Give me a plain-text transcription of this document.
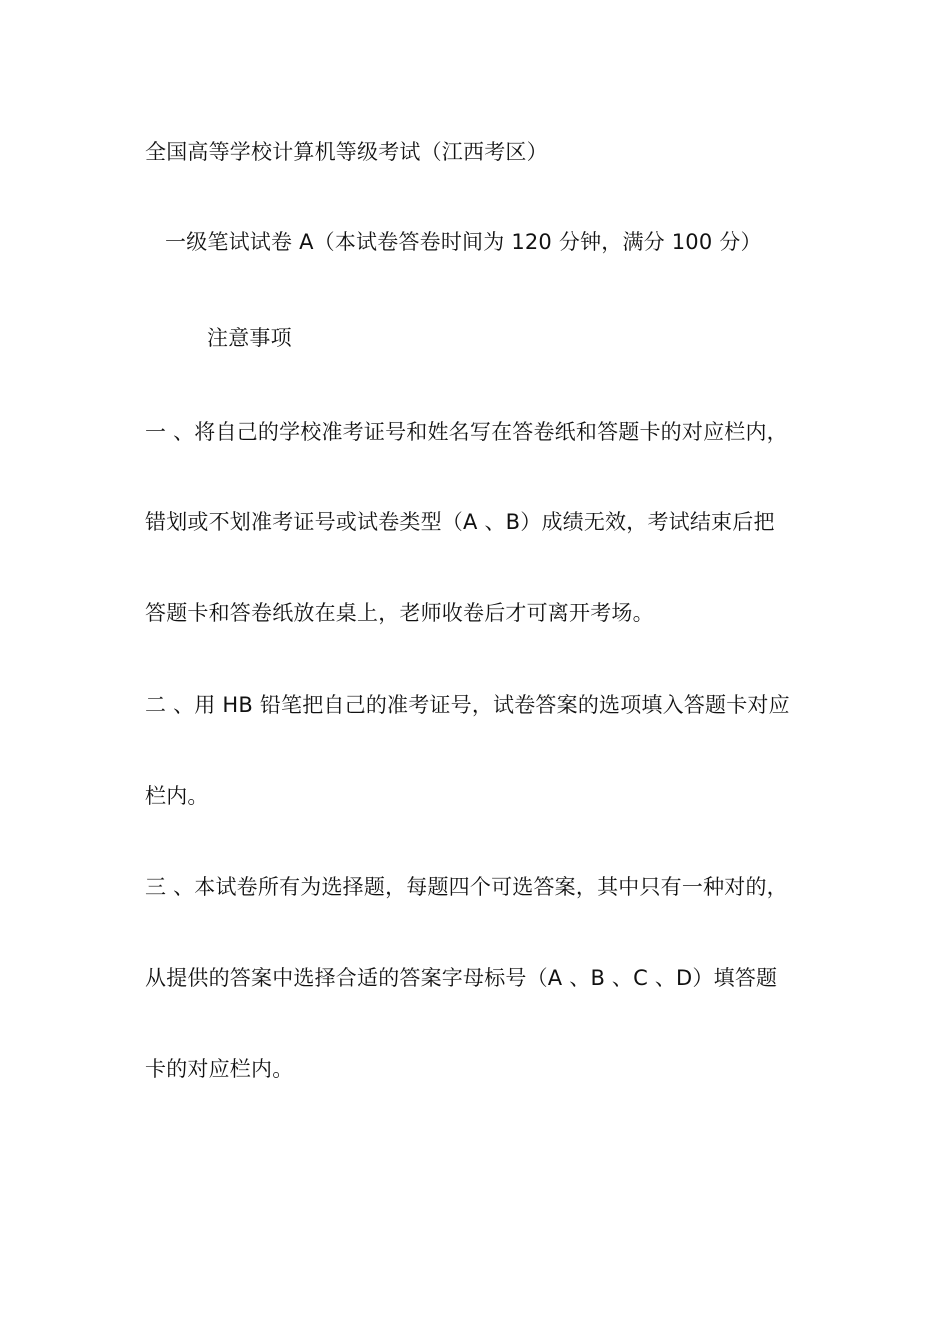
全国高等学校计算机等级考试（江西考区）
一级笔试试卷 A（本试卷答卷时间为 120 分钟，满分 100 分）
注意事项
一 、将自己的学校准考证号和姓名写在答卷纸和答题卡的对应栏内，
错划或不划准考证号或试卷类型（A 、B）成绩无效，考试结束后把
答题卡和答卷纸放在桌上，老师收卷后才可离开考场。
二 、用 HB 铅笔把自己的准考证号，试卷答案的选项填入答题卡对应
栏内。
三 、本试卷所有为选择题，每题四个可选答案，其中只有一种对的，
从提供的答案中选择合适的答案字母标号（A 、B 、C 、D）填答题
卡的对应栏内。
